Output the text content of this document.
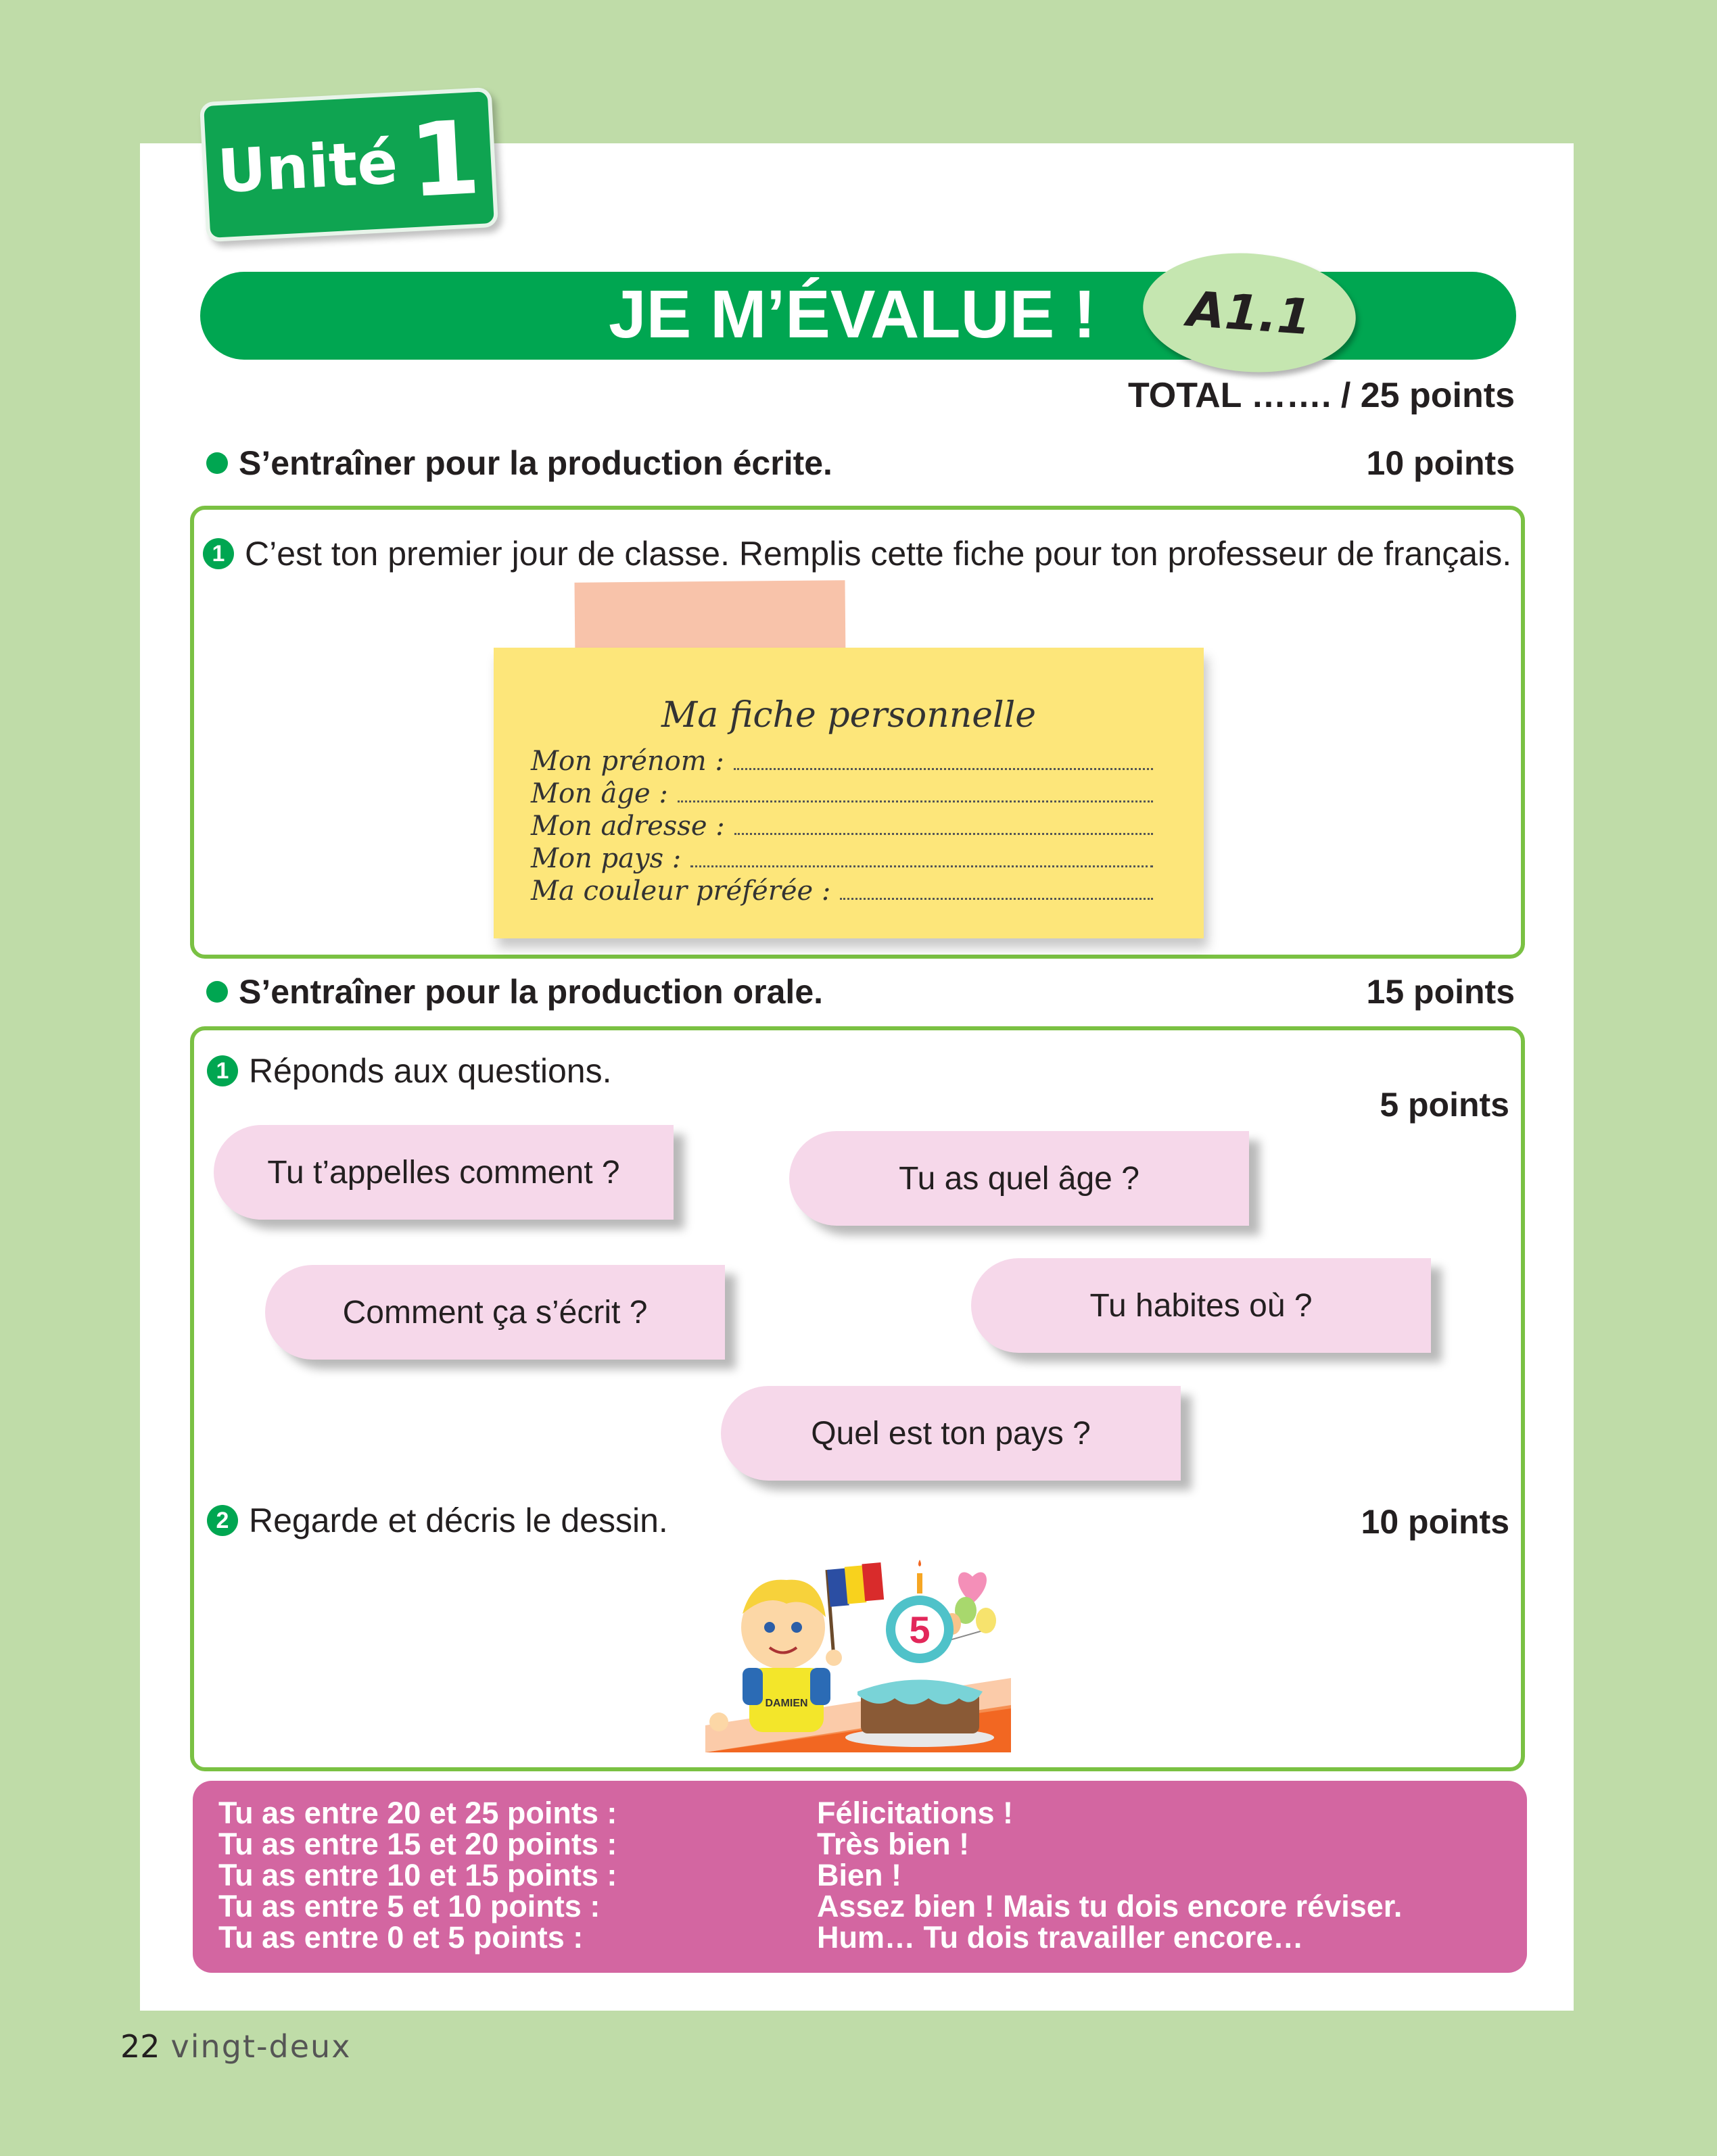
Unité 1
JE M’ÉVALUE !	A1.1
TOTAL ……. / 25 points
S’entraîner pour la production écrite.	10 points
1 C’est ton premier jour de classe. Remplis cette fiche pour ton professeur de français.
Ma fiche personnelle
Mon prénom :
Mon âge :
Mon adresse :
Mon pays :
Ma couleur préférée :
S’entraîner pour la production orale.	15 points
1 Réponds aux questions.
5 points
Tu t’appelles comment ?	Tu as quel âge ?
Comment ça s’écrit ?	Tu habites où ?
Quel est ton pays ?
2 Regarde et décris le dessin.	10 points
DAMIEN
5
Tu as entre 20 et 25 points :	Félicitations !
Tu as entre 15 et 20 points :	Très bien !
Tu as entre 10 et 15 points :	Bien !
Tu as entre 5 et 10 points :	Assez bien ! Mais tu dois encore réviser.
Tu as entre 0 et 5 points :	Hum… Tu dois travailler encore…
22 vingt-deux
